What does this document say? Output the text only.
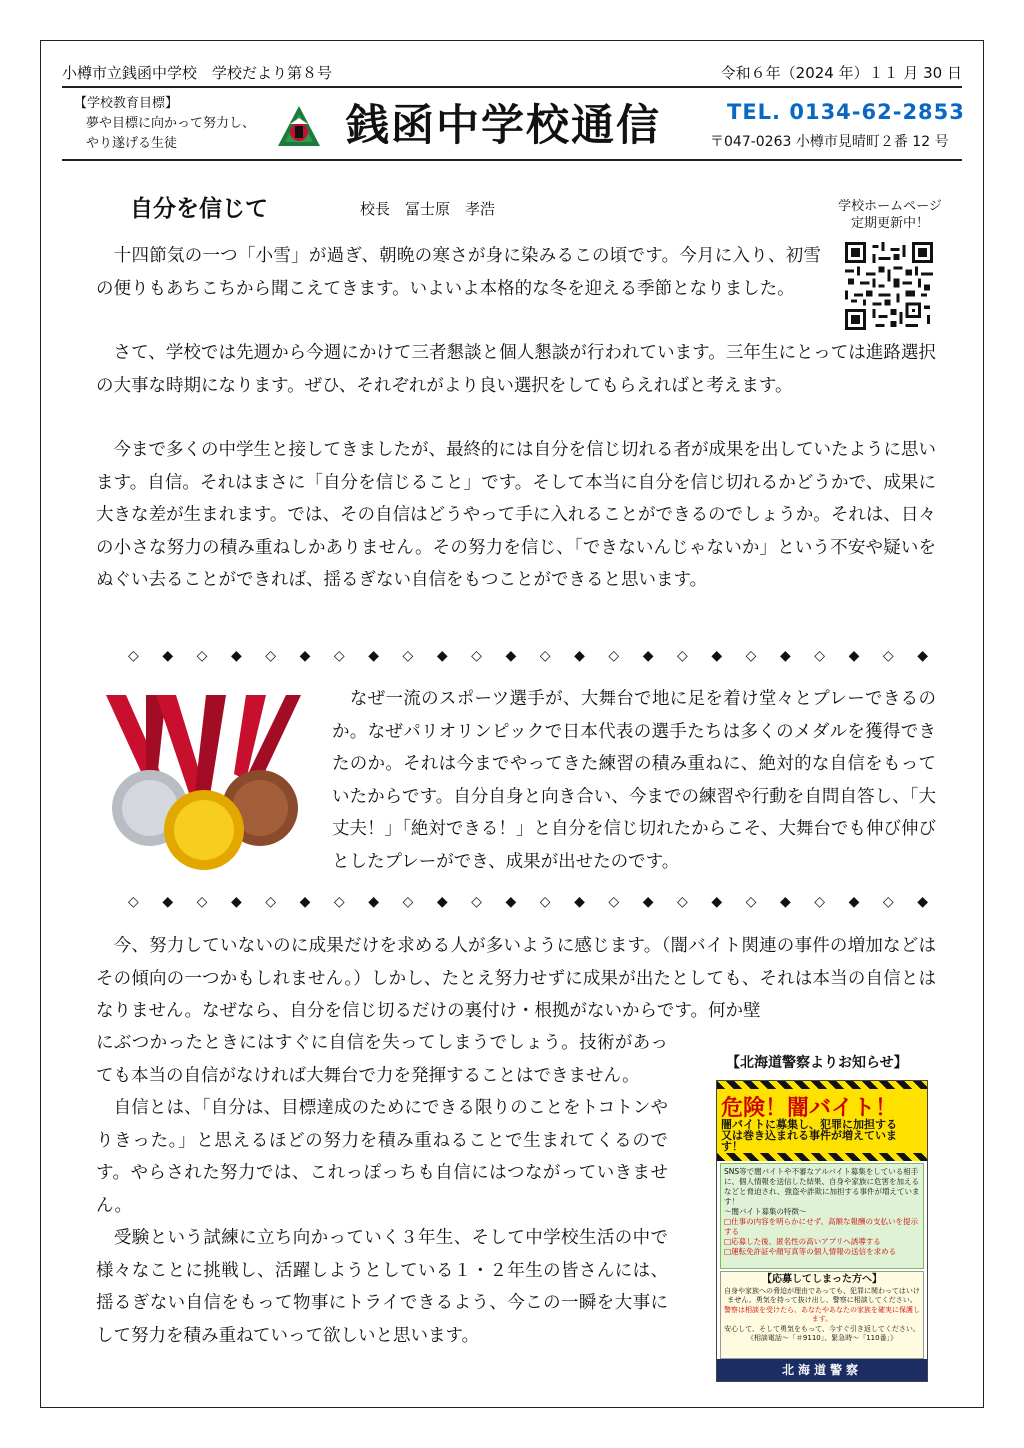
小樽市立銭函中学校　学校だより第８号	令和６年（2024 年）１１ 月 30 日
【学校教育目標】
夢や目標に向かって努力し、
やり遂げる生徒	銭函中学校通信	TEL. 0134-62-2853
〒047-0263 小樽市見晴町２番 12 号
自分を信じて	校長　冨士原　孝浩	学校ホームページ
定期更新中！
　十四節気の一つ「小雪」が過ぎ、朝晩の寒さが身に染みるこの頃です。今月に入り、初雪の便りもあちこちから聞こえてきます。いよいよ本格的な冬を迎える季節となりました。
　さて、学校では先週から今週にかけて三者懇談と個人懇談が行われています。三年生にとっては進路選択の大事な時期になります。ぜひ、それぞれがより良い選択をしてもらえればと考えます。
　今まで多くの中学生と接してきましたが、最終的には自分を信じ切れる者が成果を出していたように思います。自信。それはまさに「自分を信じること」です。そして本当に自分を信じ切れるかどうかで、成果に大きな差が生まれます。では、その自信はどうやって手に入れることができるのでしょうか。それは、日々の小さな努力の積み重ねしかありません。その努力を信じ、「できないんじゃないか」という不安や疑いをぬぐい去ることができれば、揺るぎない自信をもつことができると思います。
◇ ◆ ◇ ◆ ◇ ◆ ◇ ◆ ◇ ◆ ◇ ◆ ◇ ◆ ◇ ◆ ◇ ◆ ◇ ◆ ◇ ◆ ◇ ◆
　なぜ一流のスポーツ選手が、大舞台で地に足を着け堂々とプレーできるのか。なぜパリオリンピックで日本代表の選手たちは多くのメダルを獲得できたのか。それは今までやってきた練習の積み重ねに、絶対的な自信をもっていたからです。自分自身と向き合い、今までの練習や行動を自問自答し、「大丈夫！」「絶対できる！」と自分を信じ切れたからこそ、大舞台でも伸び伸びとしたプレーができ、成果が出せたのです。
◇ ◆ ◇ ◆ ◇ ◆ ◇ ◆ ◇ ◆ ◇ ◆ ◇ ◆ ◇ ◆ ◇ ◆ ◇ ◆ ◇ ◆ ◇ ◆
　今、努力していないのに成果だけを求める人が多いように感じます。（闇バイト関連の事件の増加などはその傾向の一つかもしれません。）しかし、たとえ努力せずに成果が出たとしても、それは本当の自信とはなりません。なぜなら、自分を信じ切るだけの裏付け・根拠がないからです。何か壁
にぶつかったときにはすぐに自信を失ってしまうでしょう。技術があっても本当の自信がなければ大舞台で力を発揮することはできません。
　自信とは、「自分は、目標達成のためにできる限りのことをトコトンやりきった。」と思えるほどの努力を積み重ねることで生まれてくるのです。やらされた努力では、これっぽっちも自信にはつながっていきません。
　受験という試練に立ち向かっていく３年生、そして中学校生活の中で様々なことに挑戦し、活躍しようとしている１・２年生の皆さんには、揺るぎない自信をもって物事にトライできるよう、今この一瞬を大事にして努力を積み重ねていって欲しいと思います。
【北海道警察よりお知らせ】
危険！闇バイト！
闇バイトに募集し、犯罪に加担する又は巻き込まれる事件が増えています！
SNS等で闇バイトや不審なアルバイト募集をしている相手に、個人情報を送信した結果、自身や家族に危害を加えるなどと脅迫され、強盗や詐欺に加担する事件が増えています！
〜闇バイト募集の特徴〜
□仕事の内容を明らかにせず、高額な報酬の支払いを提示する
□応募した後、匿名性の高いアプリへ誘導する
□運転免許証や顔写真等の個人情報の送信を求める
【応募してしまった方へ】
自身や家族への脅迫が理由であっても、犯罪に関わってはいけません。勇気を持って抜け出し、警察に相談してください。
警察は相談を受けたら、あなたやあなたの家族を確実に保護します。
安心して、そして勇気をもって、今すぐ引き返してください。
《相談電話〜「＃9110」、緊急時〜「110番」》
北海道警察
